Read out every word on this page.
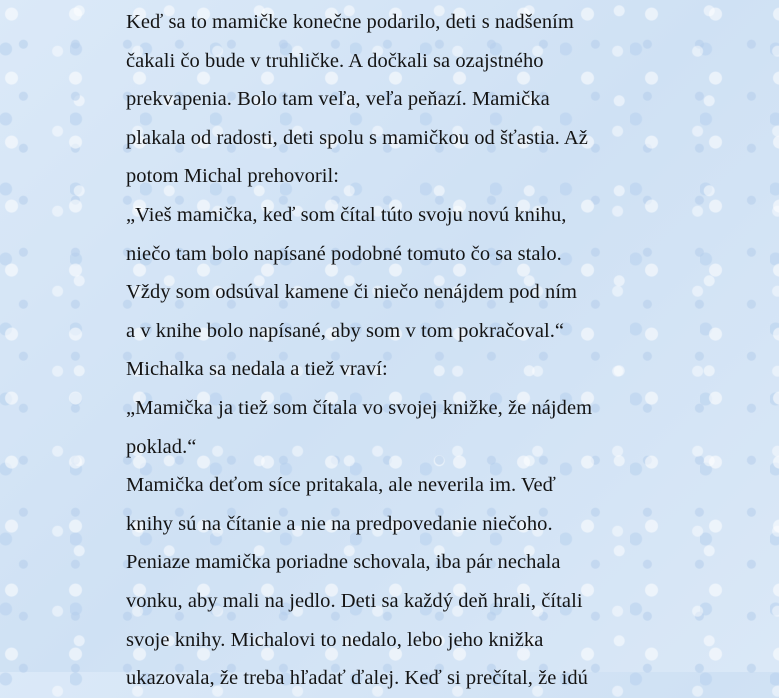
Keď sa to mamičke konečne podarilo, deti s nadšením
čakali čo bude v truhličke. A dočkali sa ozajstného
prekvapenia. Bolo tam veľa, veľa peňazí. Mamička
plakala od radosti, deti spolu s mamičkou od šťastia. Až
potom Michal prehovoril:
„Vieš mamička, keď som čítal túto svoju novú knihu,
niečo tam bolo napísané podobné tomuto čo sa stalo.
Vždy som odsúval kamene či niečo nenájdem pod ním
a v knihe bolo napísané, aby som v tom pokračoval.“
Michalka sa nedala a tiež vraví:
„Mamička ja tiež som čítala vo svojej knižke, že nájdem
poklad.“
Mamička deťom síce pritakala, ale neverila im. Veď
knihy sú na čítanie a nie na predpovedanie niečoho.
Peniaze mamička poriadne schovala, iba pár nechala
vonku, aby mali na jedlo. Deti sa každý deň hrali, čítali
svoje knihy. Michalovi to nedalo, lebo jeho knižka
ukazovala, že treba hľadať ďalej. Keď si prečítal, že idú
